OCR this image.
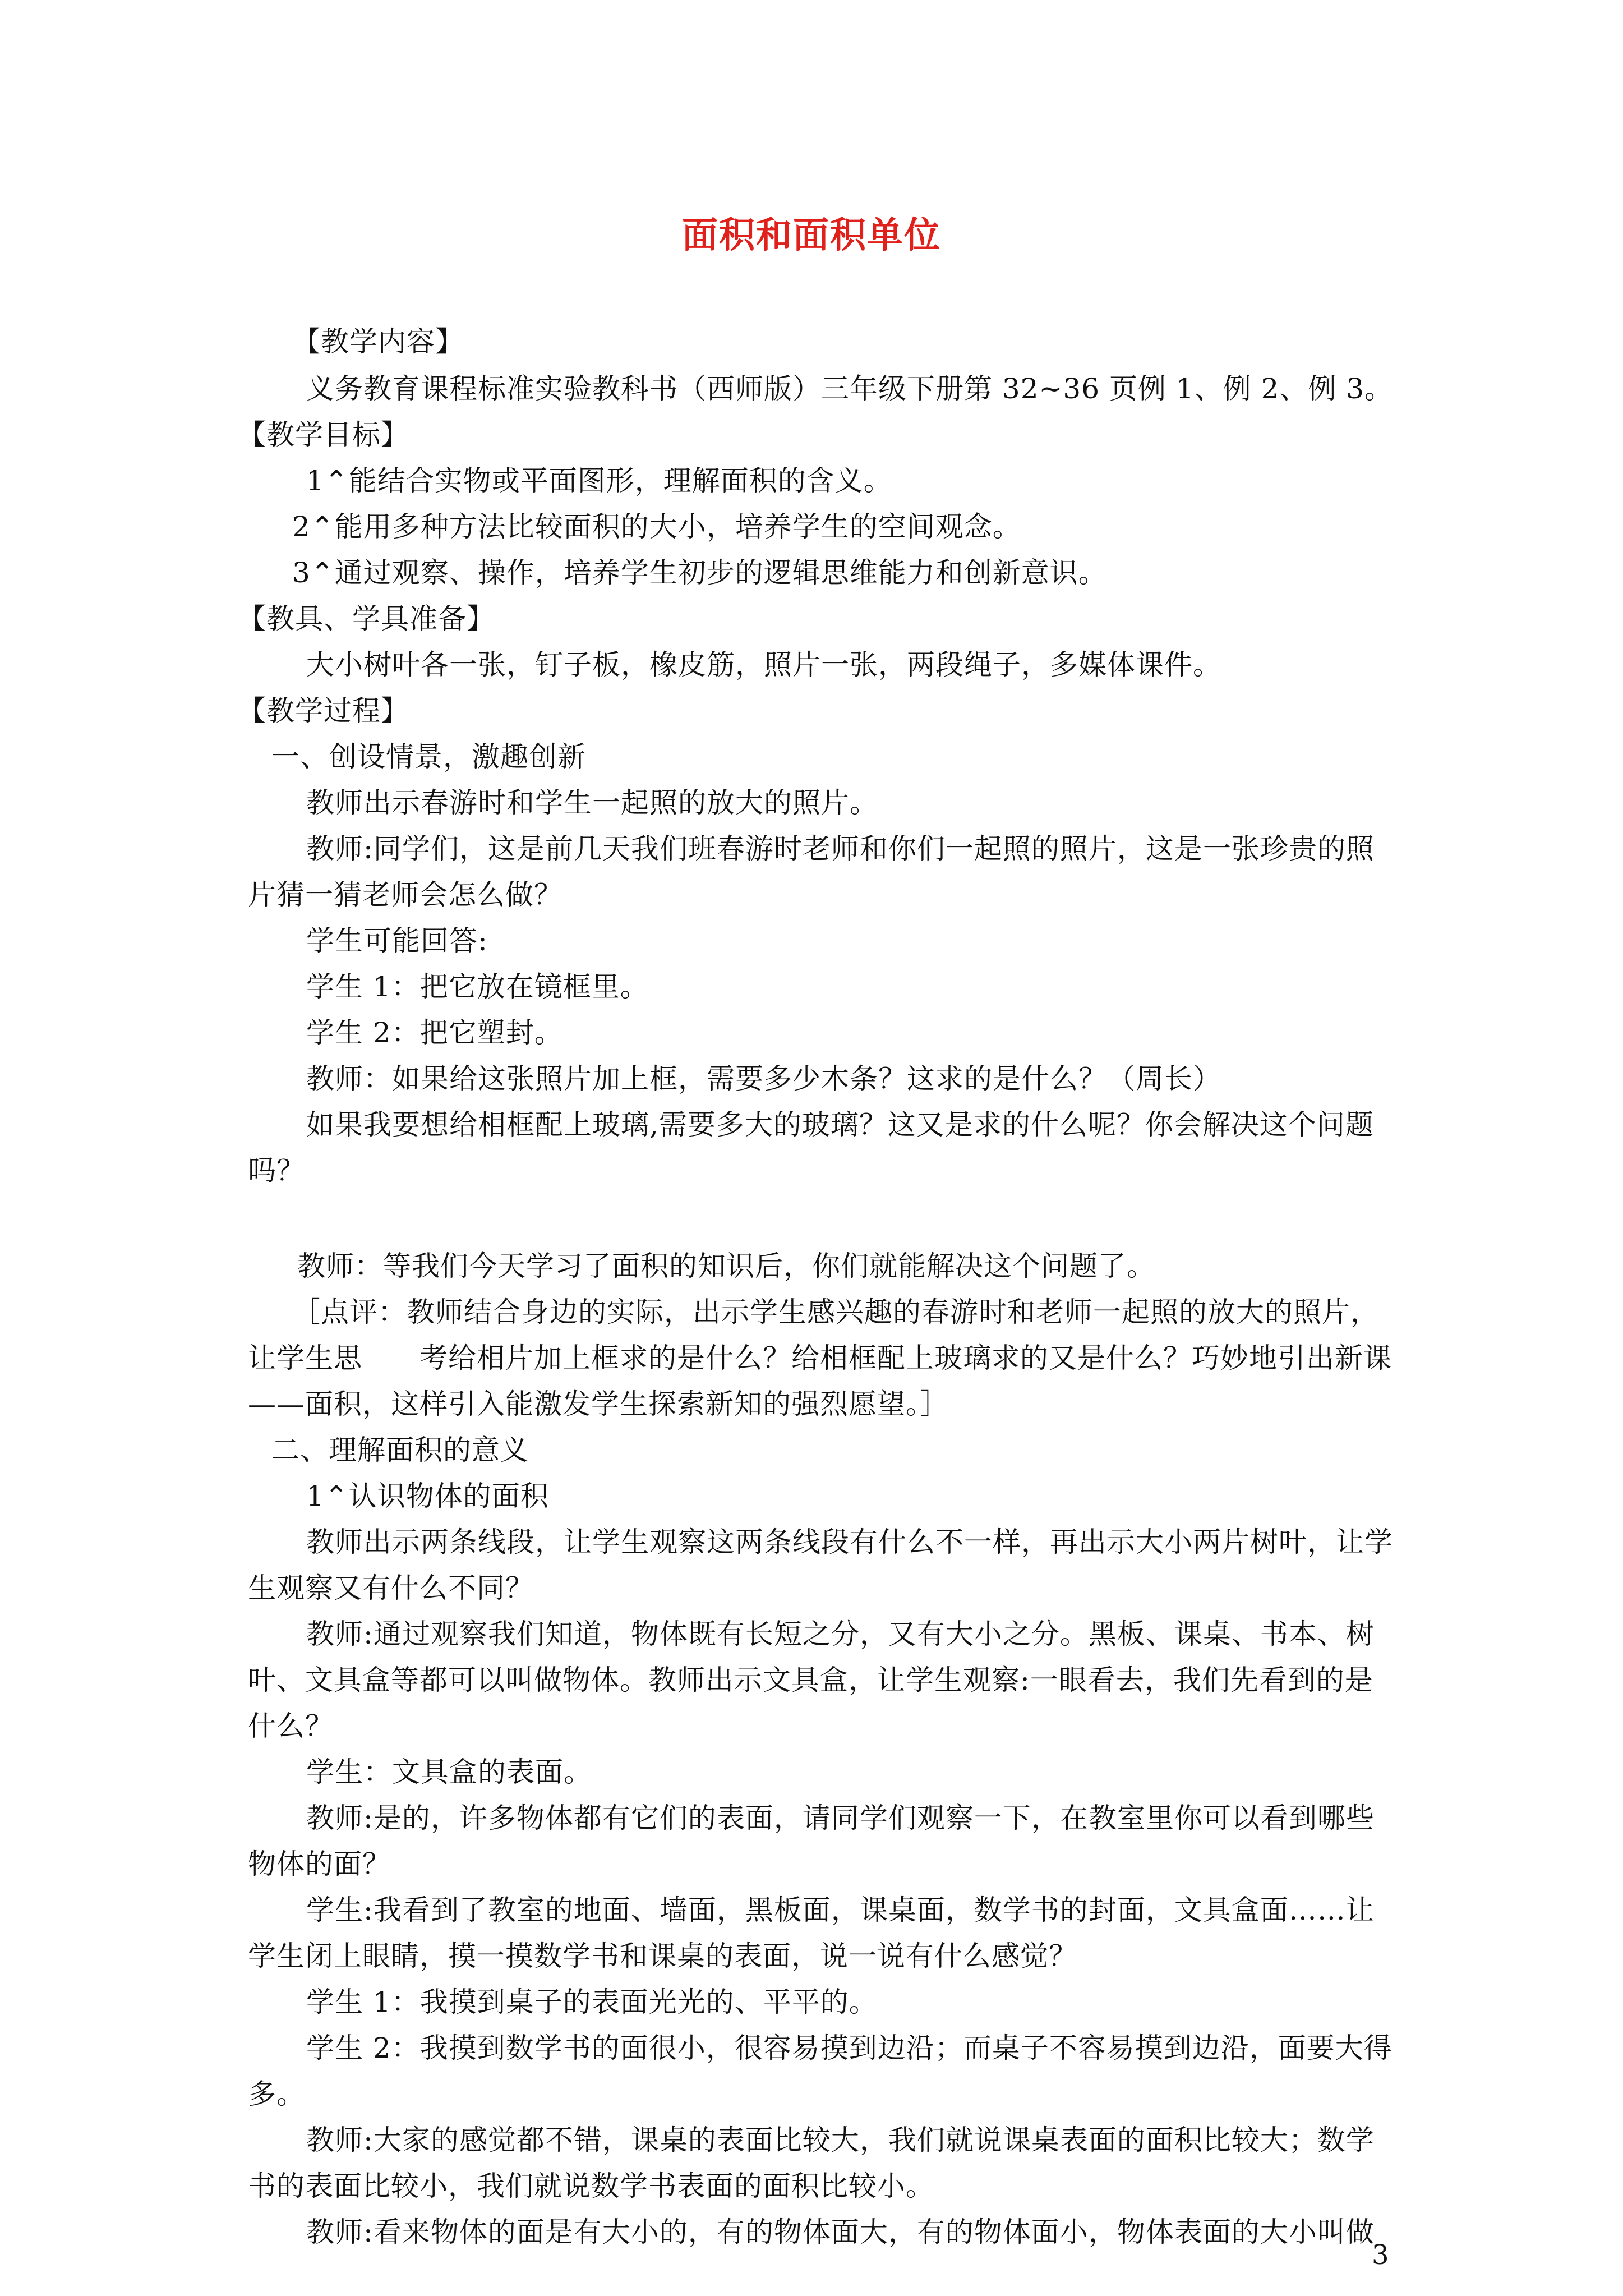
面积和面积单位
【教学内容】
义务教育课程标准实验教科书（西师版）三年级下册第 32~36 页例 1、例 2、例 3。
【教学目标】
1⌃能结合实物或平面图形，理解面积的含义。
2⌃能用多种方法比较面积的大小，培养学生的空间观念。
3⌃通过观察、操作，培养学生初步的逻辑思维能力和创新意识。
【教具、学具准备】
大小树叶各一张，钉子板，橡皮筋，照片一张，两段绳子，多媒体课件。
【教学过程】
一、创设情景，激趣创新
教师出示春游时和学生一起照的放大的照片。
教师:同学们，这是前几天我们班春游时老师和你们一起照的照片，这是一张珍贵的照
片猜一猜老师会怎么做？
学生可能回答:
学生 1：把它放在镜框里。
学生 2：把它塑封。
教师：如果给这张照片加上框，需要多少木条？这求的是什么？（周长）
如果我要想给相框配上玻璃,需要多大的玻璃？这又是求的什么呢？你会解决这个问题
吗？
教师：等我们今天学习了面积的知识后，你们就能解决这个问题了。
［点评：教师结合身边的实际，出示学生感兴趣的春游时和老师一起照的放大的照片，
让学生思　　考给相片加上框求的是什么？给相框配上玻璃求的又是什么？巧妙地引出新课
——面积，这样引入能激发学生探索新知的强烈愿望。］
二、理解面积的意义
1⌃认识物体的面积
教师出示两条线段，让学生观察这两条线段有什么不一样，再出示大小两片树叶，让学
生观察又有什么不同？
教师:通过观察我们知道，物体既有长短之分，又有大小之分。黑板、课桌、书本、树
叶、文具盒等都可以叫做物体。教师出示文具盒，让学生观察:一眼看去，我们先看到的是
什么？
学生：文具盒的表面。
教师:是的，许多物体都有它们的表面，请同学们观察一下，在教室里你可以看到哪些
物体的面？
学生:我看到了教室的地面、墙面，黑板面，课桌面，数学书的封面，文具盒面……让
学生闭上眼睛，摸一摸数学书和课桌的表面，说一说有什么感觉？
学生 1：我摸到桌子的表面光光的、平平的。
学生 2：我摸到数学书的面很小，很容易摸到边沿；而桌子不容易摸到边沿，面要大得
多。
教师:大家的感觉都不错，课桌的表面比较大，我们就说课桌表面的面积比较大；数学
书的表面比较小，我们就说数学书表面的面积比较小。
教师:看来物体的面是有大小的，有的物体面大，有的物体面小，物体表面的大小叫做
3
